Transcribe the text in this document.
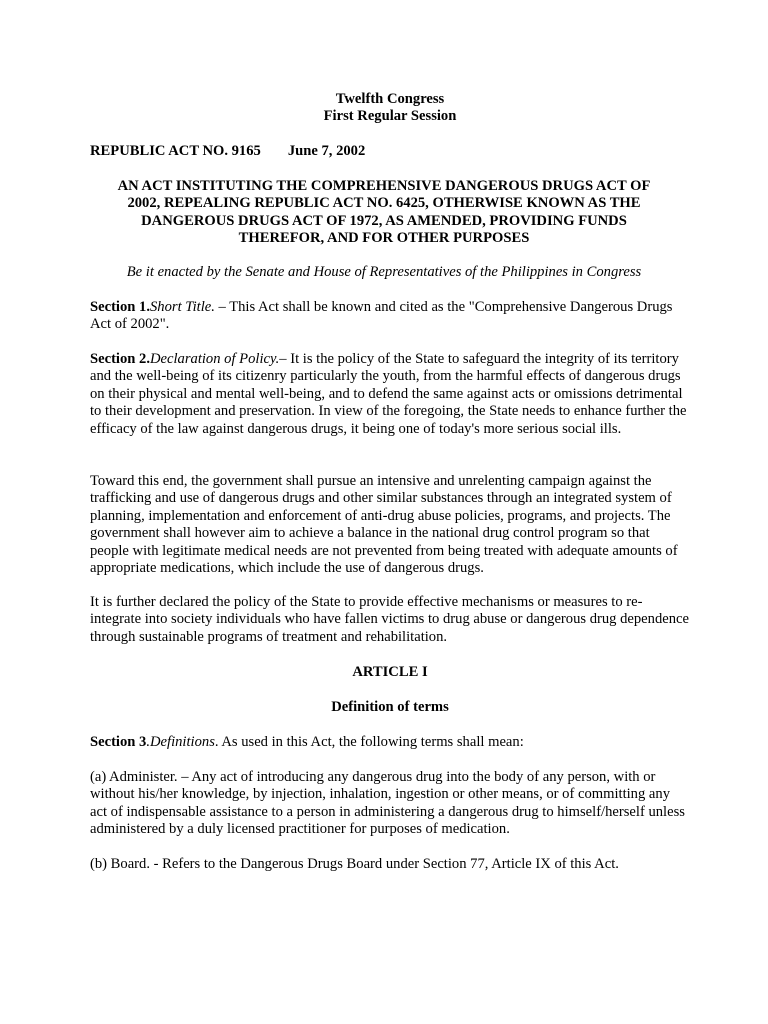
Twelfth Congress
First Regular Session
REPUBLIC ACT NO. 9165 June 7, 2002
AN ACT INSTITUTING THE COMPREHENSIVE DANGEROUS DRUGS ACT OF 2002, REPEALING REPUBLIC ACT NO. 6425, OTHERWISE KNOWN AS THE DANGEROUS DRUGS ACT OF 1972, AS AMENDED, PROVIDING FUNDS THEREFOR, AND FOR OTHER PURPOSES
Be it enacted by the Senate and House of Representatives of the Philippines in Congress

Section 1.Short Title. – This Act shall be known and cited as the "Comprehensive Dangerous Drugs Act of 2002".

Section 2.Declaration of Policy.– It is the policy of the State to safeguard the integrity of its territory and the well-being of its citizenry particularly the youth, from the harmful effects of dangerous drugs on their physical and mental well-being, and to defend the same against acts or omissions detrimental to their development and preservation. In view of the foregoing, the State needs to enhance further the efficacy of the law against dangerous drugs, it being one of today's more serious social ills.

Toward this end, the government shall pursue an intensive and unrelenting campaign against the trafficking and use of dangerous drugs and other similar substances through an integrated system of planning, implementation and enforcement of anti-drug abuse policies, programs, and projects. The government shall however aim to achieve a balance in the national drug control program so that people with legitimate medical needs are not prevented from being treated with adequate amounts of appropriate medications, which include the use of dangerous drugs.

It is further declared the policy of the State to provide effective mechanisms or measures to re-integrate into society individuals who have fallen victims to drug abuse or dangerous drug dependence through sustainable programs of treatment and rehabilitation.

ARTICLE I
Definition of terms

Section 3.Definitions. As used in this Act, the following terms shall mean:

(a) Administer. – Any act of introducing any dangerous drug into the body of any person, with or without his/her knowledge, by injection, inhalation, ingestion or other means, or of committing any act of indispensable assistance to a person in administering a dangerous drug to himself/herself unless administered by a duly licensed practitioner for purposes of medication.

(b) Board. - Refers to the Dangerous Drugs Board under Section 77, Article IX of this Act.
